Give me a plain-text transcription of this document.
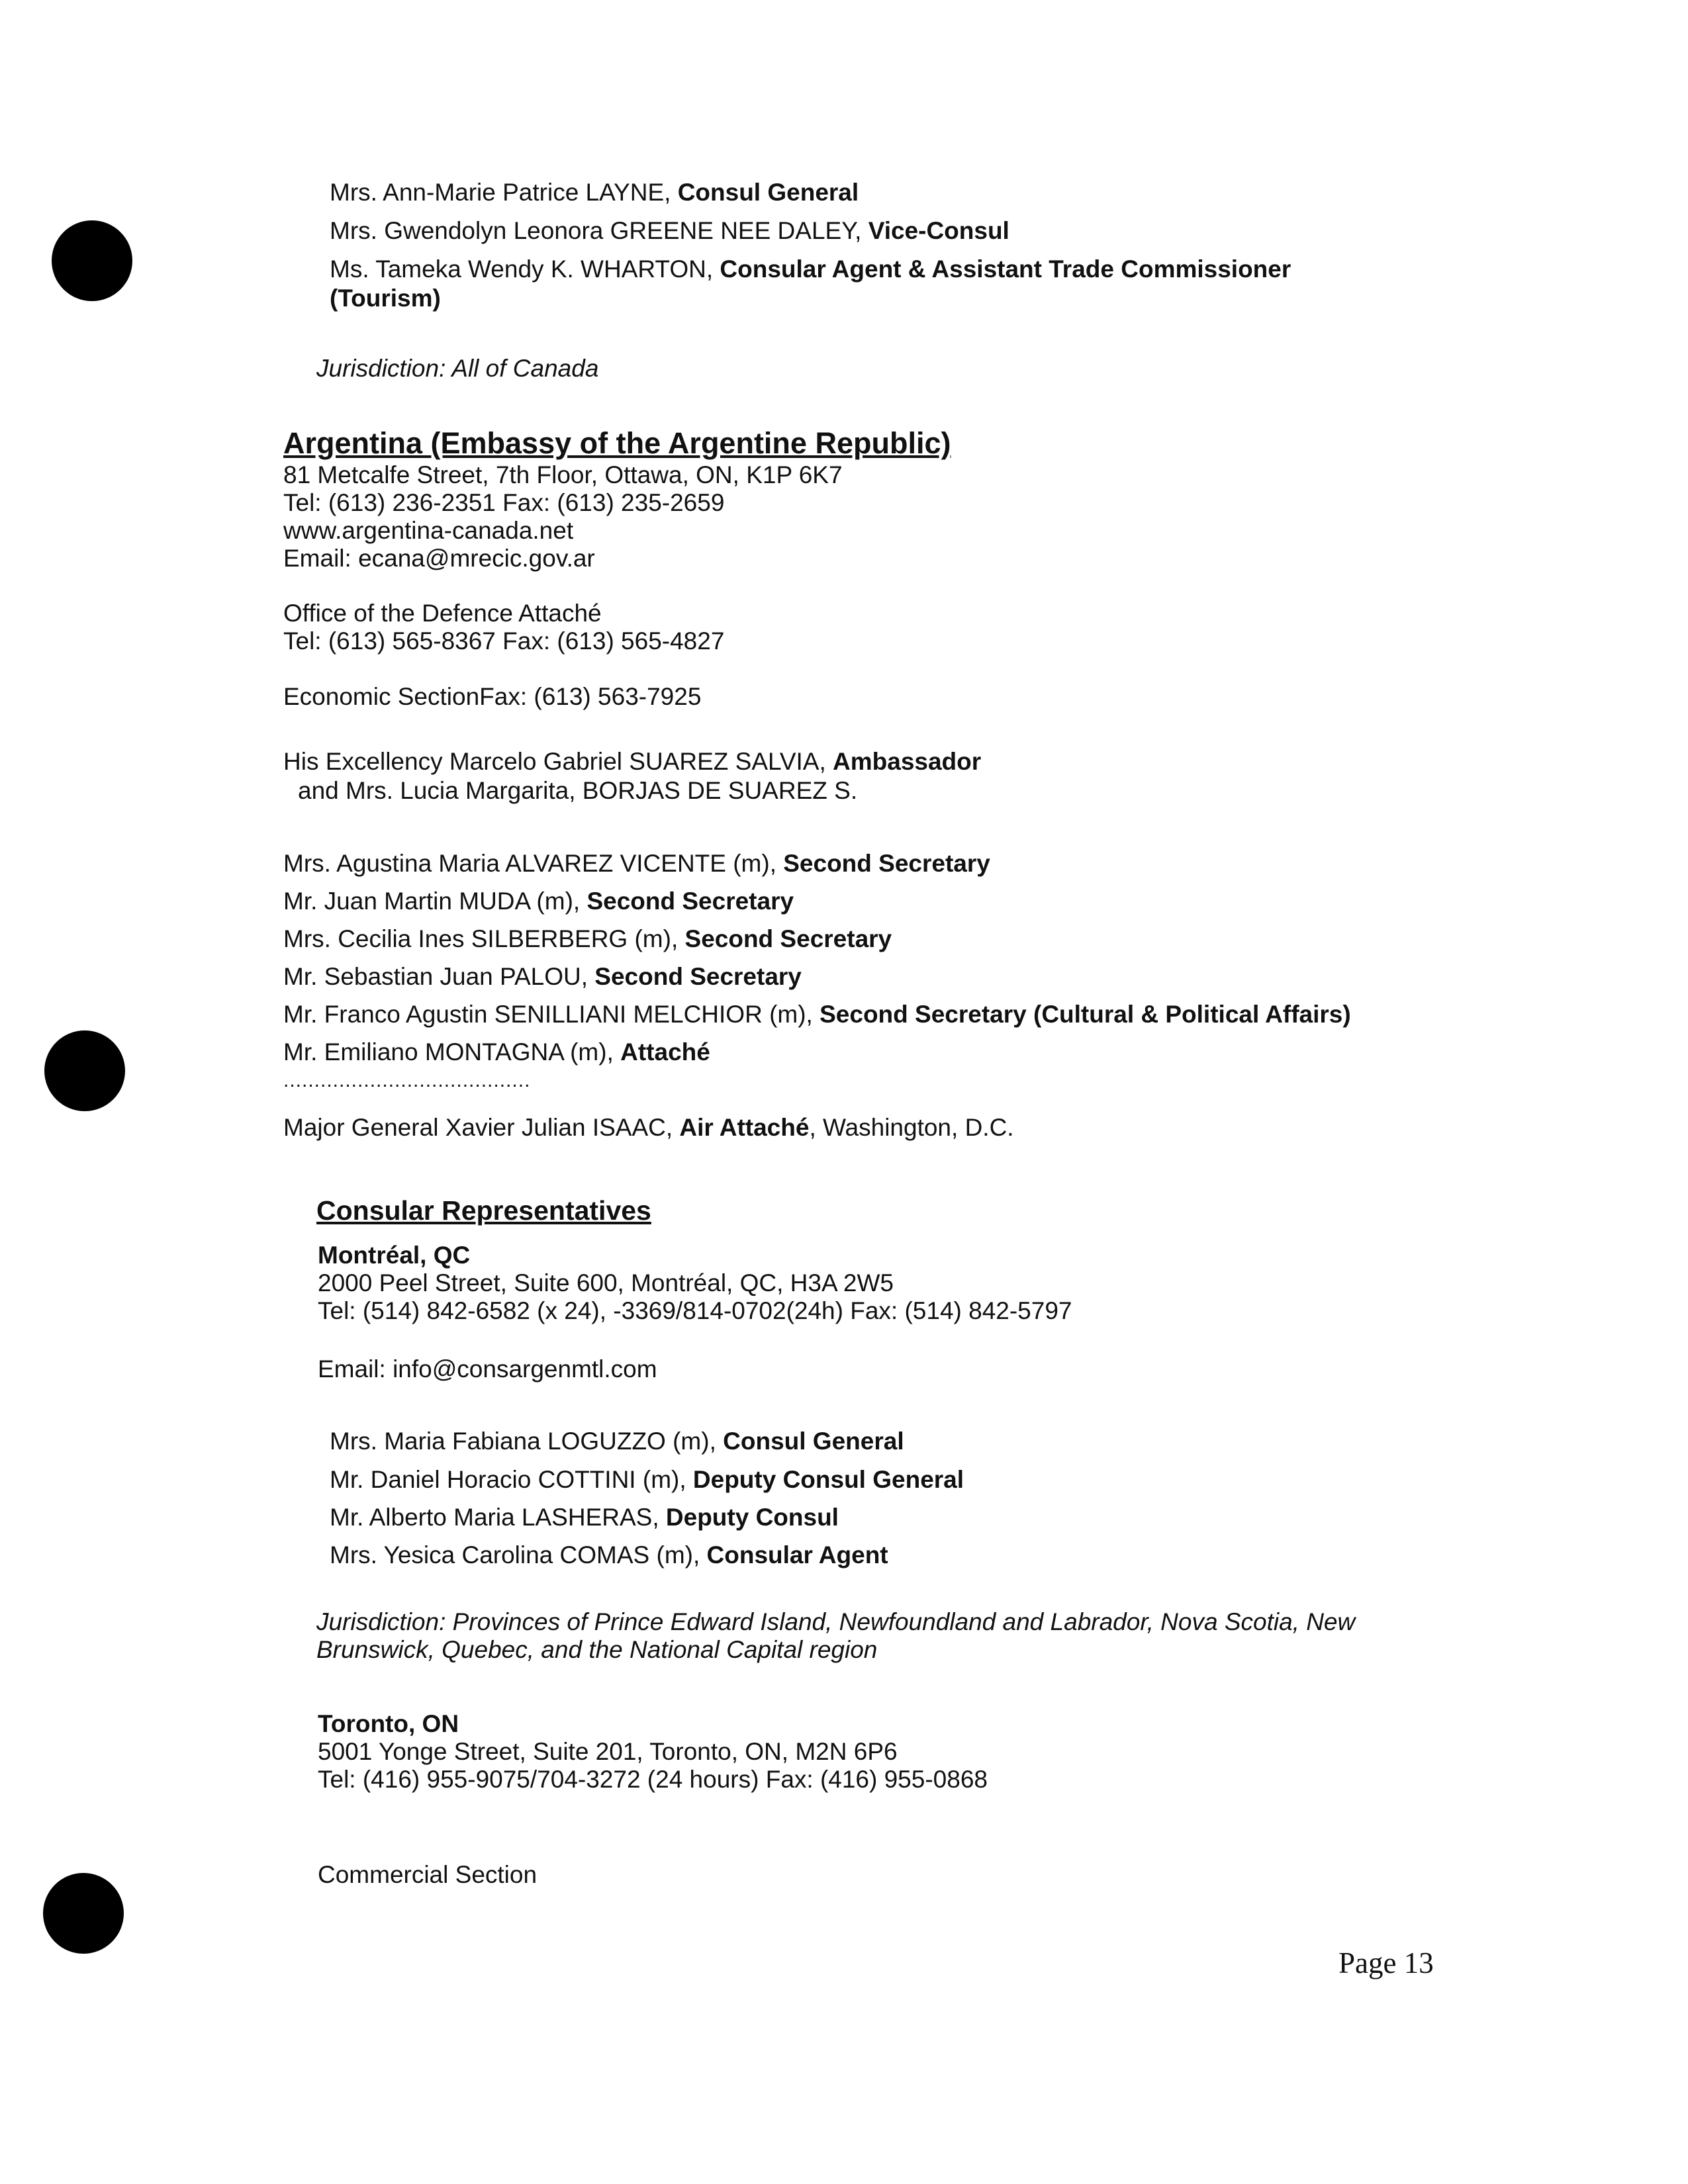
Mrs. Ann-Marie Patrice LAYNE, Consul General
Mrs. Gwendolyn Leonora GREENE NEE DALEY, Vice-Consul
Ms. Tameka Wendy K. WHARTON, Consular Agent & Assistant Trade Commissioner
(Tourism)
Jurisdiction: All of Canada
Argentina (Embassy of the Argentine Republic)
81 Metcalfe Street, 7th Floor, Ottawa, ON, K1P 6K7
Tel: (613) 236-2351 Fax: (613) 235-2659
www.argentina-canada.net
Email: ecana@mrecic.gov.ar
Office of the Defence Attaché
Tel: (613) 565-8367 Fax: (613) 565-4827
Economic SectionFax: (613) 563-7925
His Excellency Marcelo Gabriel SUAREZ SALVIA, Ambassador
and Mrs. Lucia Margarita, BORJAS DE SUAREZ S.
Mrs. Agustina Maria ALVAREZ VICENTE (m), Second Secretary
Mr. Juan Martin MUDA (m), Second Secretary
Mrs. Cecilia Ines SILBERBERG (m), Second Secretary
Mr. Sebastian Juan PALOU, Second Secretary
Mr. Franco Agustin SENILLIANI MELCHIOR (m), Second Secretary (Cultural & Political Affairs)
Mr. Emiliano MONTAGNA (m), Attaché
........................................
Major General Xavier Julian ISAAC, Air Attaché, Washington, D.C.
Consular Representatives
Montréal, QC
2000 Peel Street, Suite 600, Montréal, QC, H3A 2W5
Tel: (514) 842-6582 (x 24), -3369/814-0702(24h) Fax: (514) 842-5797
Email: info@consargenmtl.com
Mrs. Maria Fabiana LOGUZZO (m), Consul General
Mr. Daniel Horacio COTTINI (m), Deputy Consul General
Mr. Alberto Maria LASHERAS, Deputy Consul
Mrs. Yesica Carolina COMAS (m), Consular Agent
Jurisdiction: Provinces of Prince Edward Island, Newfoundland and Labrador, Nova Scotia, New
Brunswick, Quebec, and the National Capital region
Toronto, ON
5001 Yonge Street, Suite 201, Toronto, ON, M2N 6P6
Tel: (416) 955-9075/704-3272 (24 hours) Fax: (416) 955-0868
Commercial Section
Page 13
